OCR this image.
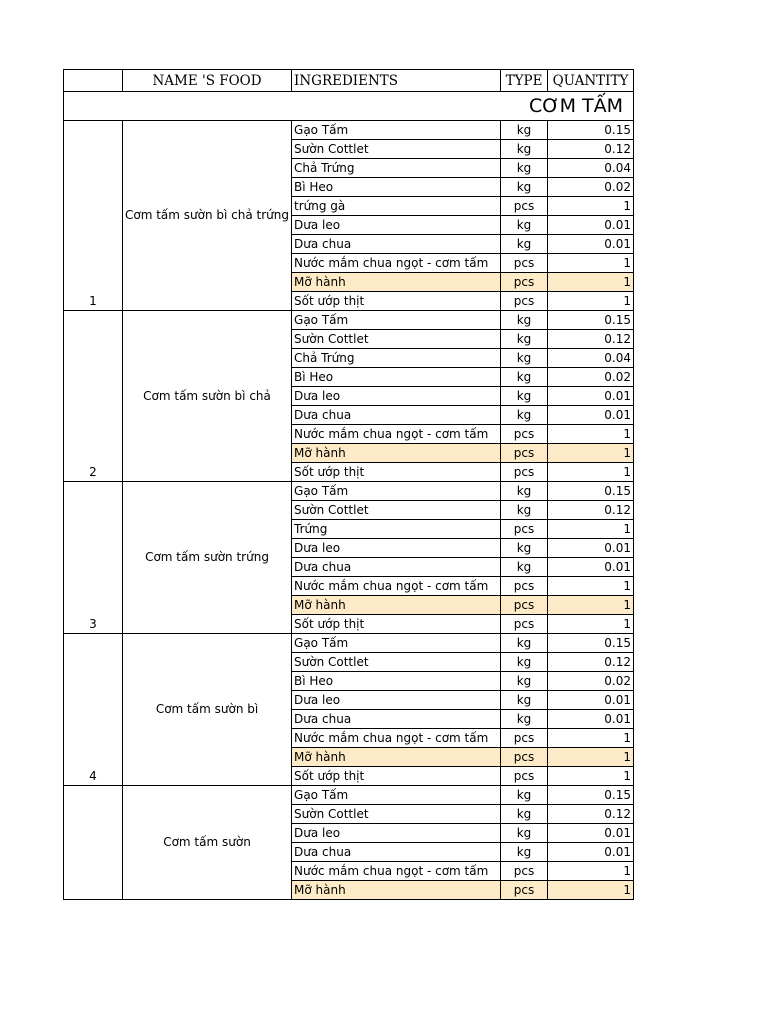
	NAME 'S FOOD	INGREDIENTS	TYPE	QUANTITY
CƠM TẤM				
1	Cơm tấm sườn bì chả trứng	Gạo Tấm	kg	0.15
		Sườn Cottlet	kg	0.12
		Chả Trứng	kg	0.04
		Bì Heo	kg	0.02
		trứng gà	pcs	1
		Dưa leo	kg	0.01
		Dưa chua	kg	0.01
		Nước mắm chua ngọt - cơm tấm	pcs	1
		Mỡ hành	pcs	1
		Sốt ướp thịt	pcs	1
2	Cơm tấm sườn bì chả	Gạo Tấm	kg	0.15
		Sườn Cottlet	kg	0.12
		Chả Trứng	kg	0.04
		Bì Heo	kg	0.02
		Dưa leo	kg	0.01
		Dưa chua	kg	0.01
		Nước mắm chua ngọt - cơm tấm	pcs	1
		Mỡ hành	pcs	1
		Sốt ướp thịt	pcs	1
3	Cơm tấm sườn trứng	Gạo Tấm	kg	0.15
		Sườn Cottlet	kg	0.12
		Trứng	pcs	1
		Dưa leo	kg	0.01
		Dưa chua	kg	0.01
		Nước mắm chua ngọt - cơm tấm	pcs	1
		Mỡ hành	pcs	1
		Sốt ướp thịt	pcs	1
4	Cơm tấm sườn bì	Gạo Tấm	kg	0.15
		Sườn Cottlet	kg	0.12
		Bì Heo	kg	0.02
		Dưa leo	kg	0.01
		Dưa chua	kg	0.01
		Nước mắm chua ngọt - cơm tấm	pcs	1
		Mỡ hành	pcs	1
		Sốt ướp thịt	pcs	1
	Cơm tấm sườn	Gạo Tấm	kg	0.15
		Sườn Cottlet	kg	0.12
		Dưa leo	kg	0.01
		Dưa chua	kg	0.01
		Nước mắm chua ngọt - cơm tấm	pcs	1
		Mỡ hành	pcs	1
